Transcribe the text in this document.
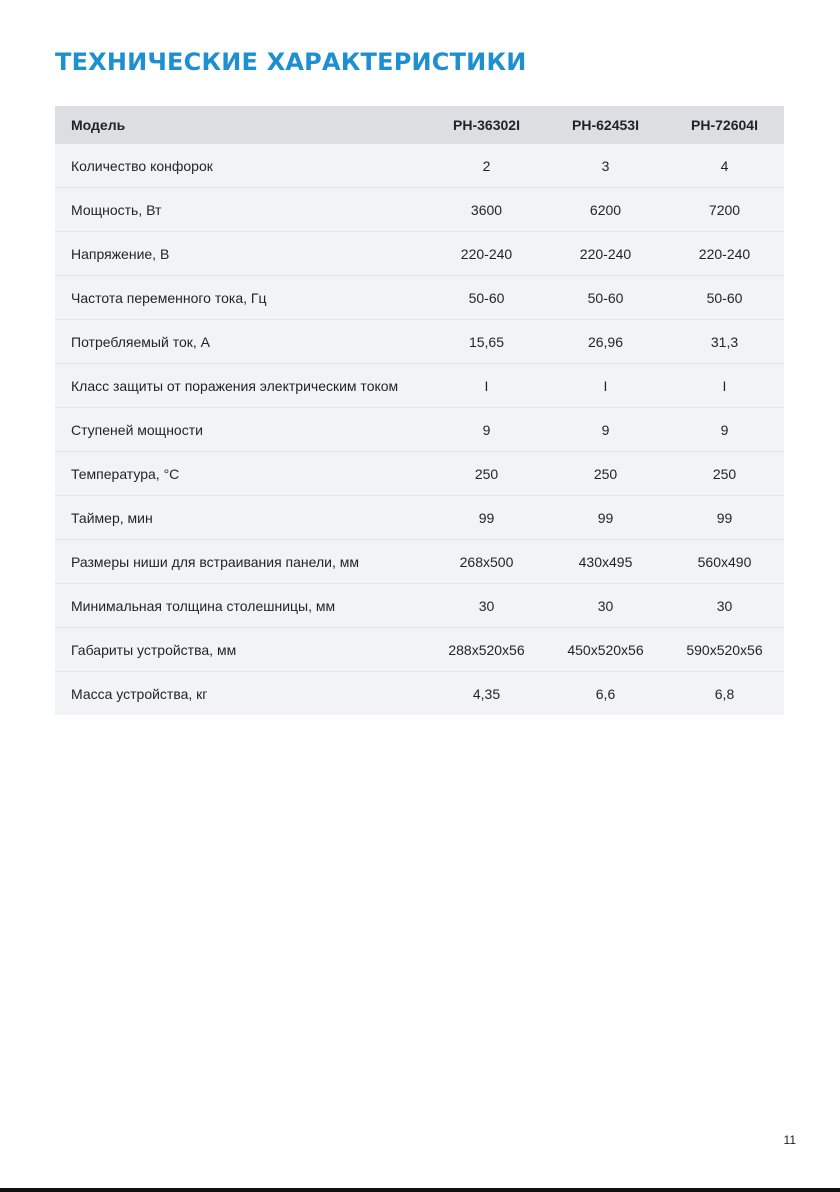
ТЕХНИЧЕСКИЕ ХАРАКТЕРИСТИКИ
Модель	PH-36302I	PH-62453I	PH-72604I
Количество конфорок	2	3	4
Мощность, Вт	3600	6200	7200
Напряжение, В	220-240	220-240	220-240
Частота переменного тока, Гц	50-60	50-60	50-60
Потребляемый ток, А	15,65	26,96	31,3
Класс защиты от поражения электрическим током	I	I	I
Ступеней мощности	9	9	9
Температура, °С	250	250	250
Таймер, мин	99	99	99
Размеры ниши для встраивания панели, мм	268x500	430x495	560x490
Минимальная толщина столешницы, мм	30	30	30
Габариты устройства, мм	288x520x56	450x520x56	590x520x56
Масса устройства, кг	4,35	6,6	6,8
11
